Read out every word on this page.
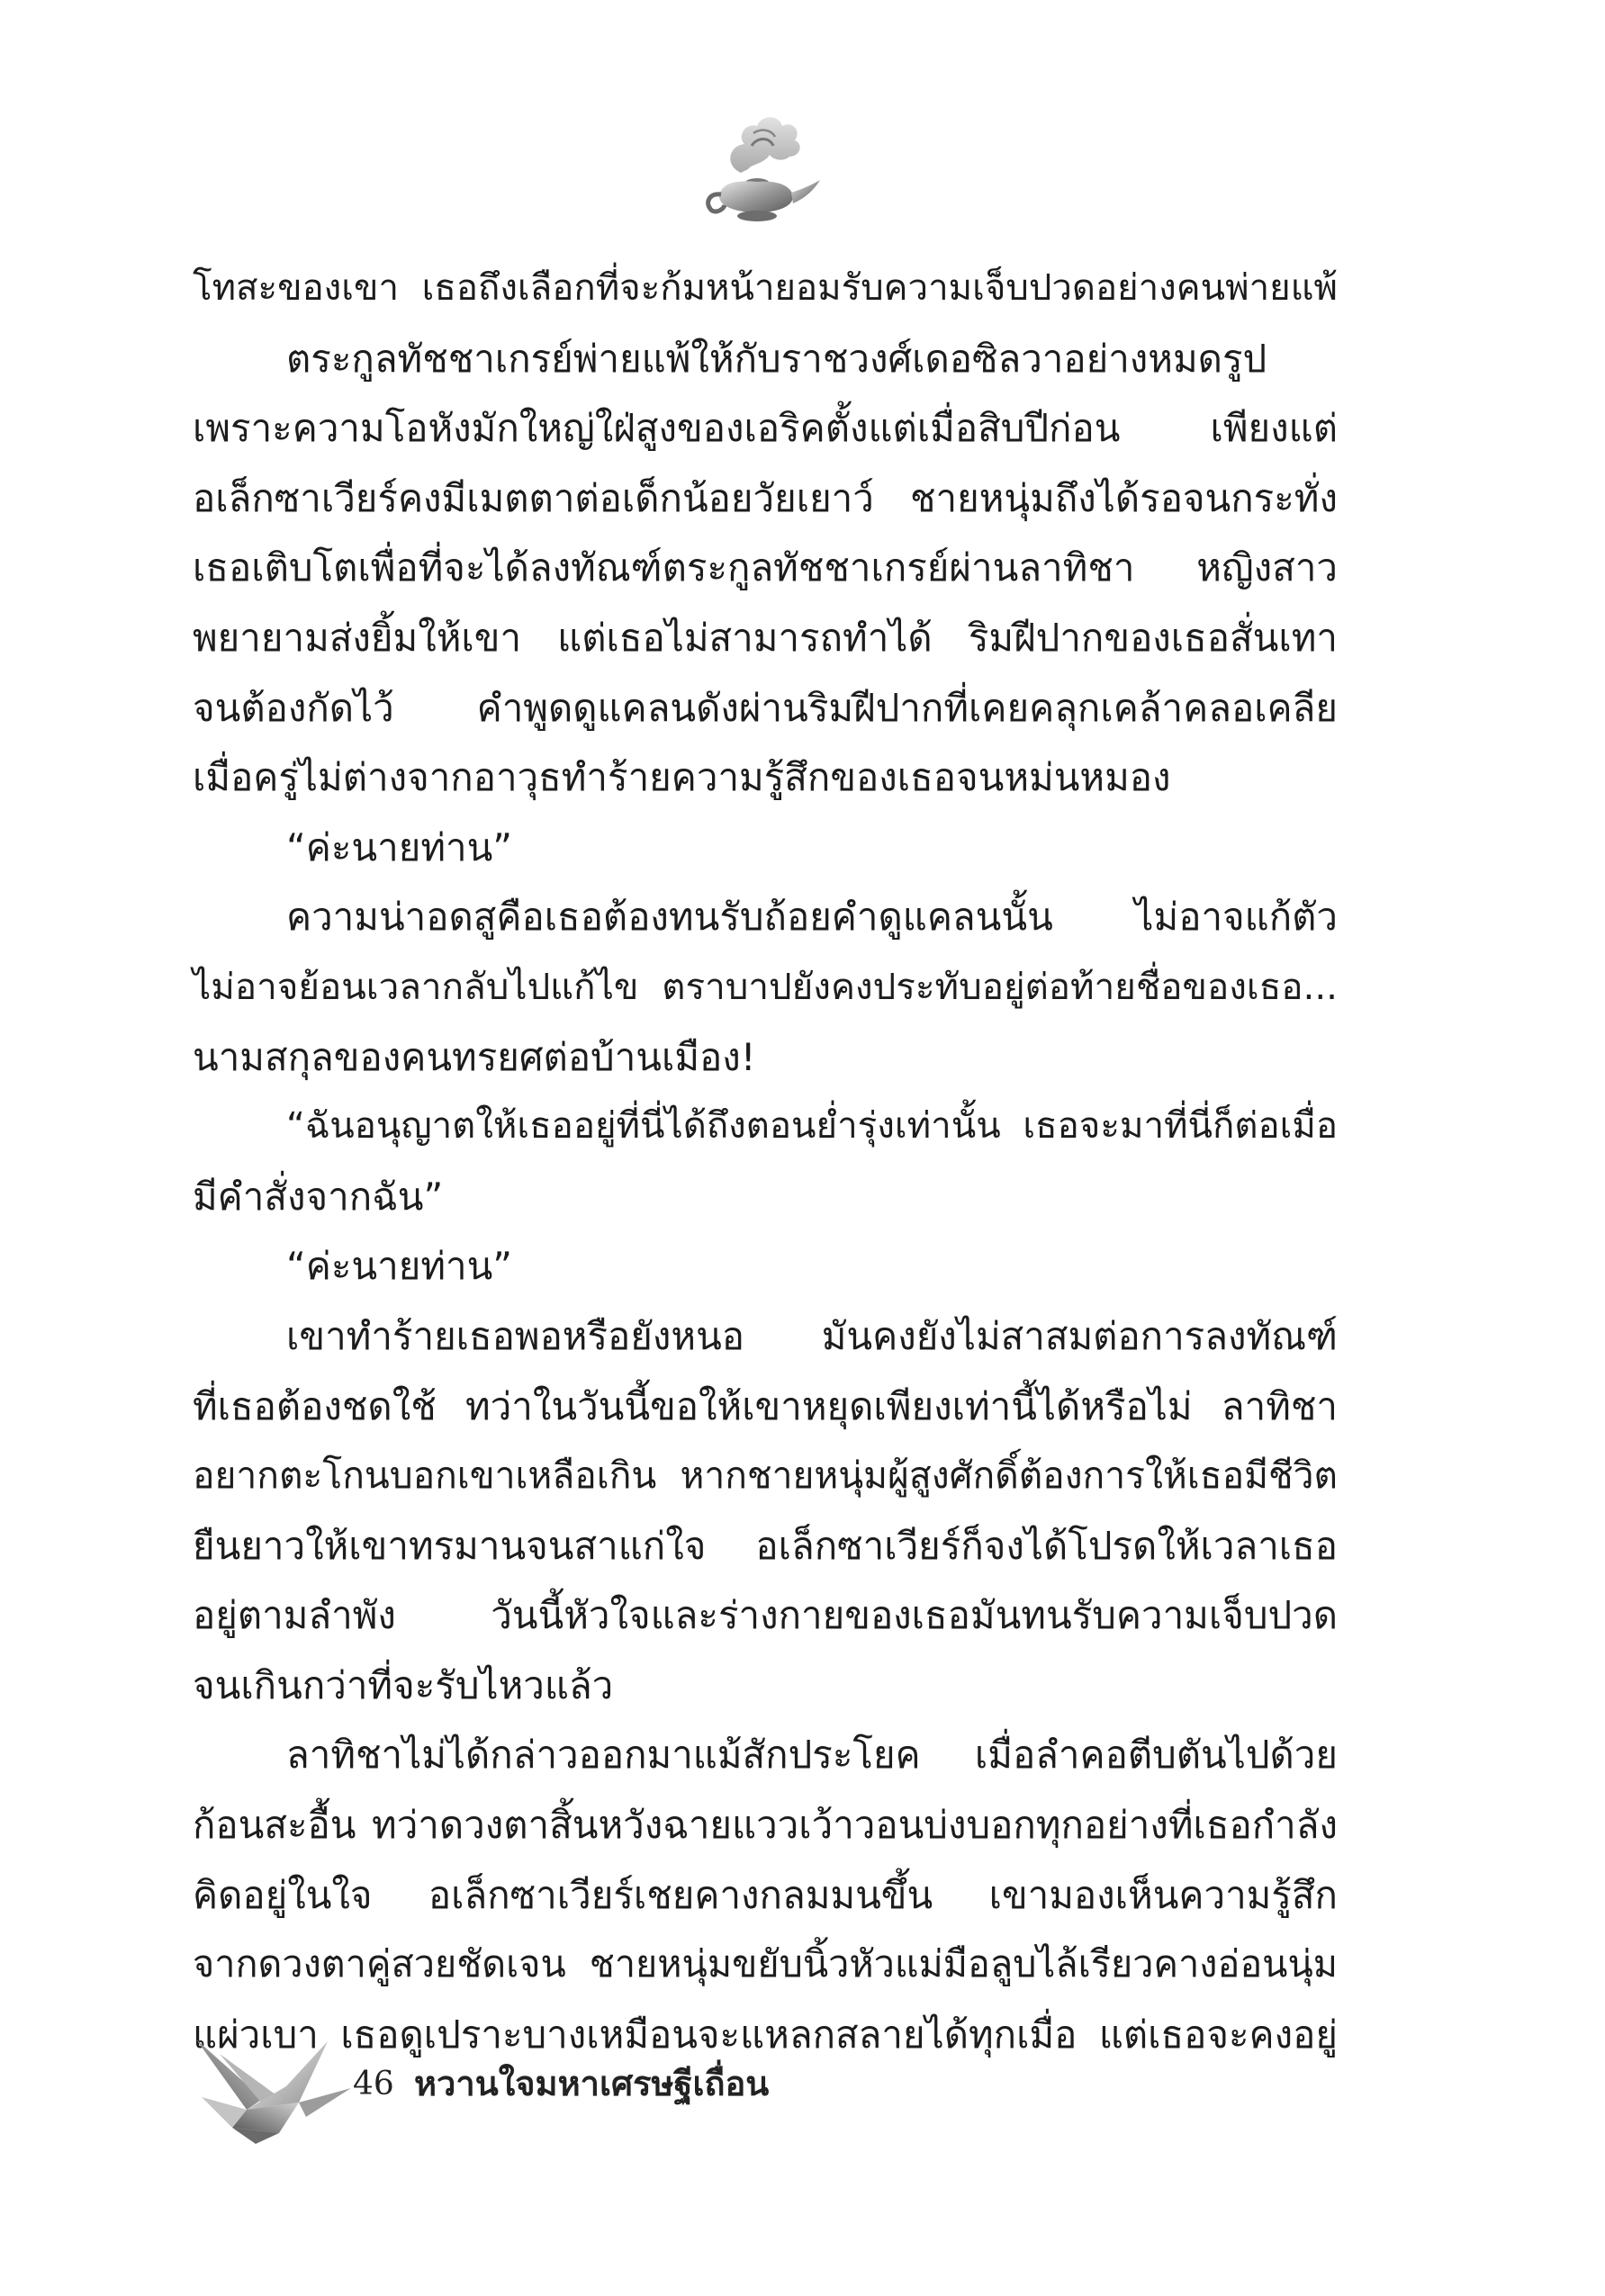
โทสะของเขา เธอถึงเลือกที่จะก้มหน้ายอมรับความเจ็บปวดอย่างคนพ่ายแพ้
ตระกูลทัชชาเกรย์พ่ายแพ้ให้กับราชวงศ์เดอซิลวาอย่างหมดรูป
เพราะความโอหังมักใหญ่ใฝ่สูงของเอริคตั้งแต่เมื่อสิบปีก่อน เพียงแต่
อเล็กซาเวียร์คงมีเมตตาต่อเด็กน้อยวัยเยาว์ ชายหนุ่มถึงได้รอจนกระทั่ง
เธอเติบโตเพื่อที่จะได้ลงทัณฑ์ตระกูลทัชชาเกรย์ผ่านลาทิชา หญิงสาว
พยายามส่งยิ้มให้เขา แต่เธอไม่สามารถทำได้ ริมฝีปากของเธอสั่นเทา
จนต้องกัดไว้ คำพูดดูแคลนดังผ่านริมฝีปากที่เคยคลุกเคล้าคลอเคลีย
เมื่อครู่ไม่ต่างจากอาวุธทำร้ายความรู้สึกของเธอจนหม่นหมอง
“ค่ะนายท่าน”
ความน่าอดสูคือเธอต้องทนรับถ้อยคำดูแคลนนั้น ไม่อาจแก้ตัว
ไม่อาจย้อนเวลากลับไปแก้ไข ตราบาปยังคงประทับอยู่ต่อท้ายชื่อของเธอ...
นามสกุลของคนทรยศต่อบ้านเมือง!
“ฉันอนุญาตให้เธออยู่ที่นี่ได้ถึงตอนย่ำรุ่งเท่านั้น เธอจะมาที่นี่ก็ต่อเมื่อ
มีคำสั่งจากฉัน”
“ค่ะนายท่าน”
เขาทำร้ายเธอพอหรือยังหนอ มันคงยังไม่สาสมต่อการลงทัณฑ์
ที่เธอต้องชดใช้ ทว่าในวันนี้ขอให้เขาหยุดเพียงเท่านี้ได้หรือไม่ ลาทิชา
อยากตะโกนบอกเขาเหลือเกิน หากชายหนุ่มผู้สูงศักดิ์ต้องการให้เธอมีชีวิต
ยืนยาวให้เขาทรมานจนสาแก่ใจ อเล็กซาเวียร์ก็จงได้โปรดให้เวลาเธอ
อยู่ตามลำพัง วันนี้หัวใจและร่างกายของเธอมันทนรับความเจ็บปวด
จนเกินกว่าที่จะรับไหวแล้ว
ลาทิชาไม่ได้กล่าวออกมาแม้สักประโยค เมื่อลำคอตีบตันไปด้วย
ก้อนสะอื้น ทว่าดวงตาสิ้นหวังฉายแววเว้าวอนบ่งบอกทุกอย่างที่เธอกำลัง
คิดอยู่ในใจ อเล็กซาเวียร์เชยคางกลมมนขึ้น เขามองเห็นความรู้สึก
จากดวงตาคู่สวยชัดเจน ชายหนุ่มขยับนิ้วหัวแม่มือลูบไล้เรียวคางอ่อนนุ่ม
แผ่วเบา เธอดูเปราะบางเหมือนจะแหลกสลายได้ทุกเมื่อ แต่เธอจะคงอยู่
46 หวานใจมหาเศรษฐีเถื่อน
